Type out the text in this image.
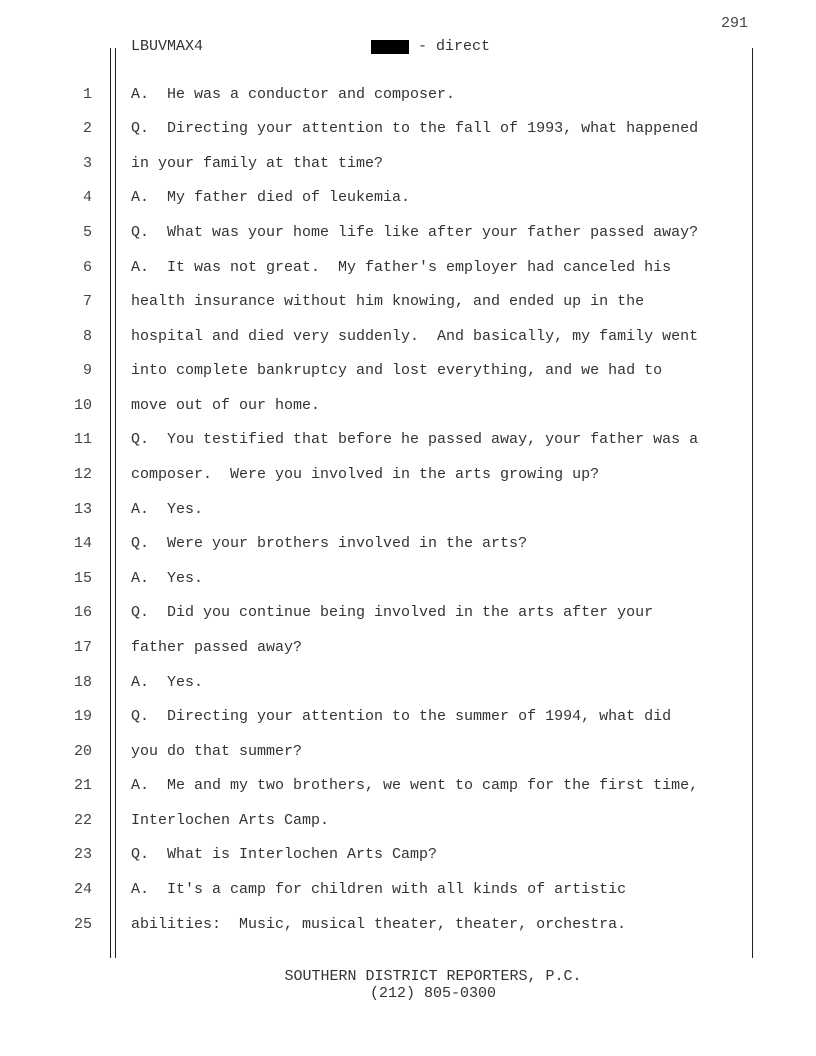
291
LBUVMAX4	- direct
1	A.  He was a conductor and composer.
2	Q.  Directing your attention to the fall of 1993, what happened
3	in your family at that time?
4	A.  My father died of leukemia.
5	Q.  What was your home life like after your father passed away?
6	A.  It was not great.  My father's employer had canceled his
7	health insurance without him knowing, and ended up in the
8	hospital and died very suddenly.  And basically, my family went
9	into complete bankruptcy and lost everything, and we had to
10	move out of our home.
11	Q.  You testified that before he passed away, your father was a
12	composer.  Were you involved in the arts growing up?
13	A.  Yes.
14	Q.  Were your brothers involved in the arts?
15	A.  Yes.
16	Q.  Did you continue being involved in the arts after your
17	father passed away?
18	A.  Yes.
19	Q.  Directing your attention to the summer of 1994, what did
20	you do that summer?
21	A.  Me and my two brothers, we went to camp for the first time,
22	Interlochen Arts Camp.
23	Q.  What is Interlochen Arts Camp?
24	A.  It's a camp for children with all kinds of artistic
25	abilities:  Music, musical theater, theater, orchestra.
SOUTHERN DISTRICT REPORTERS, P.C.
(212) 805-0300
